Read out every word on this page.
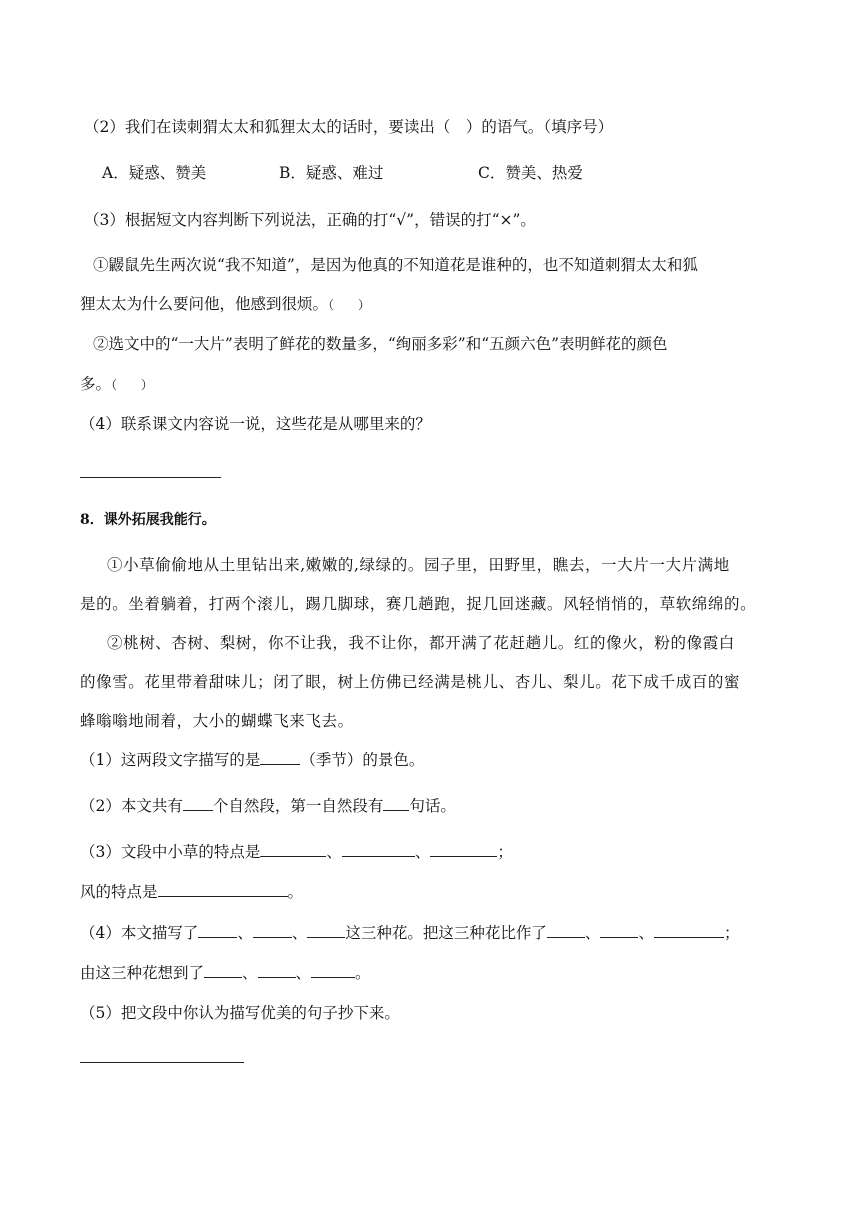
（2）我们在读刺猬太太和狐狸太太的话时，要读出（　）的语气。（填序号）
A．疑惑、赞美	B．疑惑、难过	C．赞美、热爱
（3）根据短文内容判断下列说法，正确的打“√”，错误的打“×”。
①鼹鼠先生两次说“我不知道”，是因为他真的不知道花是谁种的，也不知道刺猬太太和狐
狸太太为什么要问他，他感到很烦。（　　）
②选文中的“一大片”表明了鲜花的数量多，“绚丽多彩”和“五颜六色”表明鲜花的颜色
多。（　　）
（4）联系课文内容说一说，这些花是从哪里来的？
8．课外拓展我能行。
①小草偷偷地从土里钻出来,嫩嫩的,绿绿的。园子里，田野里，瞧去，一大片一大片满地
是的。坐着躺着，打两个滚儿，踢几脚球，赛几趟跑，捉几回迷藏。风轻悄悄的，草软绵绵的。
②桃树、杏树、梨树，你不让我，我不让你，都开满了花赶趟儿。红的像火，粉的像霞白
的像雪。花里带着甜味儿；闭了眼，树上仿佛已经满是桃儿、杏儿、梨儿。花下成千成百的蜜
蜂嗡嗡地闹着，大小的蝴蝶飞来飞去。
（1）这两段文字描写的是	（季节）的景色。
（2）本文共有 个自然段，第一自然段有 句话。
（3）文段中小草的特点是	、	、	；
风的特点是	。
（4）本文描写了	、	、 这三种花。把这三种花比作了 、 、	；
由这三种花想到了 、 、	。
（5）把文段中你认为描写优美的句子抄下来。
